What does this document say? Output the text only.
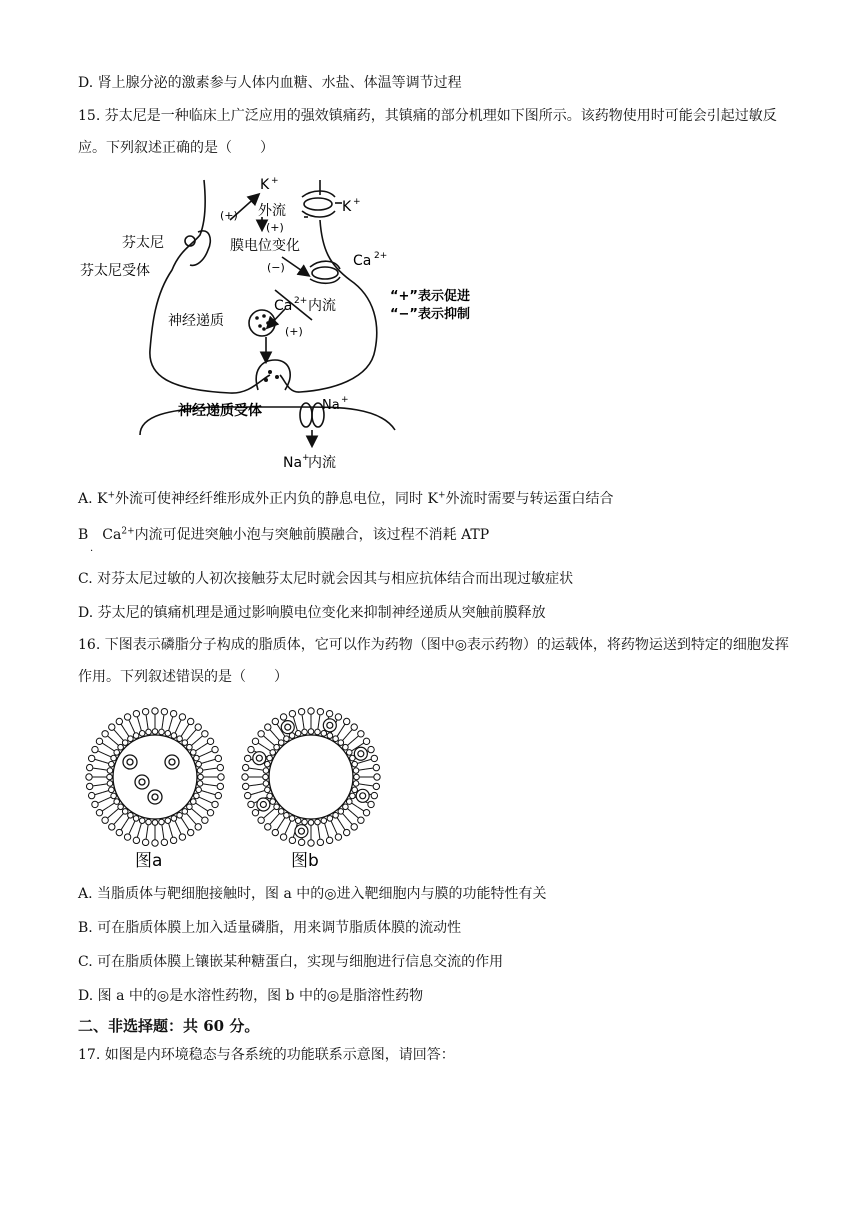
D. 肾上腺分泌的激素参与人体内血糖、水盐、体温等调节过程
15. 芬太尼是一种临床上广泛应用的强效镇痛药，其镇痛的部分机理如下图所示。该药物使用时可能会引起过敏反应。下列叙述正确的是（　　）
K +
外流
(+)
(+)
K +
芬太尼
芬太尼受体
膜电位变化
(−)	Ca 2+
Ca 2+ 内流
(+)
神经递质
“+”表示促进
“−”表示抑制
神经递质受体	Na +
Na +
内流
A. K+外流可使神经纤维形成外正内负的静息电位，同时 K+外流时需要与转运蛋白结合
B　$Ca^{2+}$内流可促进突触小泡与突触前膜融合，该过程不消耗 ATP
·
C. 对芬太尼过敏的人初次接触芬太尼时就会因其与相应抗体结合而出现过敏症状
D. 芬太尼的镇痛机理是通过影响膜电位变化来抑制神经递质从突触前膜释放
16. 下图表示磷脂分子构成的脂质体，它可以作为药物（图中◎表示药物）的运载体，将药物运送到特定的细胞发挥作用。下列叙述错误的是（　　）
图a	图b
A. 当脂质体与靶细胞接触时，图 a 中的◎进入靶细胞内与膜的功能特性有关
B. 可在脂质体膜上加入适量磷脂，用来调节脂质体膜的流动性
C. 可在脂质体膜上镶嵌某种糖蛋白，实现与细胞进行信息交流的作用
D. 图 a 中的◎是水溶性药物，图 b 中的◎是脂溶性药物
二、非选择题：共 60 分。
17. 如图是内环境稳态与各系统的功能联系示意图，请回答：
